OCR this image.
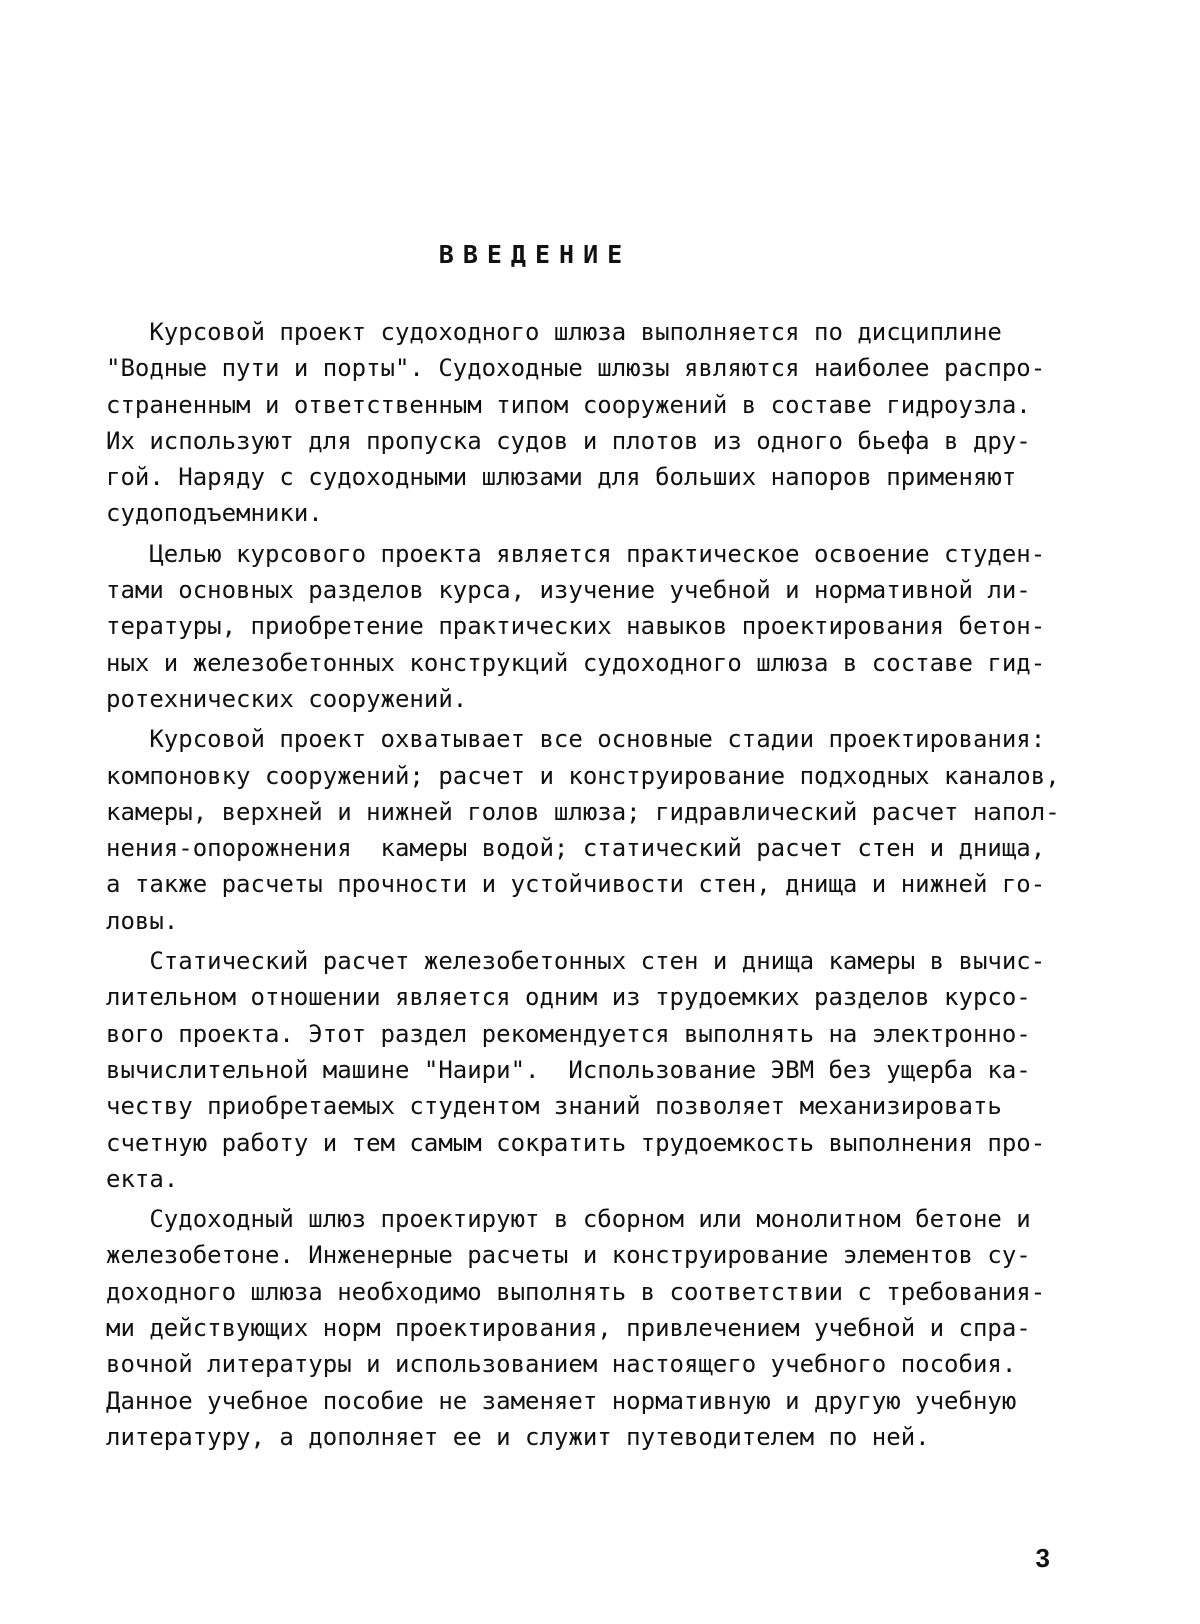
ВВЕДЕНИЕ
Курсовой проект судоходного шлюза выполняется по дисциплине
"Водные пути и порты". Судоходные шлюзы являются наиболее распро-
страненным и ответственным типом сооружений в составе гидроузла.
Их используют для пропуска судов и плотов из одного бьефа в дру-
гой. Наряду с судоходными шлюзами для больших напоров применяют
судоподъемники.
Целью курсового проекта является практическое освоение студен-
тами основных разделов курса, изучение учебной и нормативной ли-
тературы, приобретение практических навыков проектирования бетон-
ных и железобетонных конструкций судоходного шлюза в составе гид-
ротехнических сооружений.
Курсовой проект охватывает все основные стадии проектирования:
компоновку сооружений; расчет и конструирование подходных каналов,
камеры, верхней и нижней голов шлюза; гидравлический расчет напол-
нения-опорожнения  камеры водой; статический расчет стен и днища,
а также расчеты прочности и устойчивости стен, днища и нижней го-
ловы.
Статический расчет железобетонных стен и днища камеры в вычис-
лительном отношении является одним из трудоемких разделов курсо-
вого проекта. Этот раздел рекомендуется выполнять на электронно-
вычислительной машине "Наири".  Использование ЭВМ без ущерба ка-
честву приобретаемых студентом знаний позволяет механизировать
счетную работу и тем самым сократить трудоемкость выполнения про-
екта.
Судоходный шлюз проектируют в сборном или монолитном бетоне и
железобетоне. Инженерные расчеты и конструирование элементов су-
доходного шлюза необходимо выполнять в соответствии с требования-
ми действующих норм проектирования, привлечением учебной и спра-
вочной литературы и использованием настоящего учебного пособия.
Данное учебное пособие не заменяет нормативную и другую учебную
литературу, а дополняет ее и служит путеводителем по ней.
3
